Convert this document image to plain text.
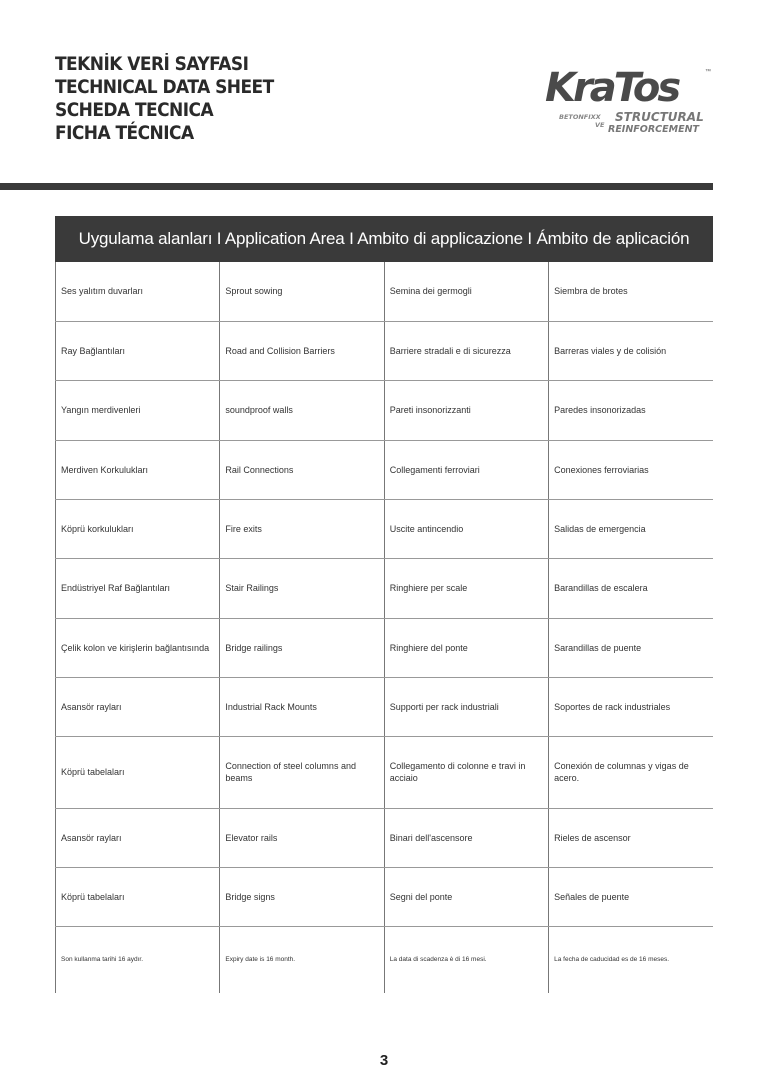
TEKNİK VERİ SAYFASI
TECHNICAL DATA SHEET
SCHEDA TECNICA
FICHA TÉCNICA
KraTos	™
BETONFIXX
VE
STRUCTURAL
REINFORCEMENT
Uygulama alanları I Application Area I Ambito di applicazione I Ámbito de aplicación
Ses yalıtım duvarları	Sprout sowing	Semina dei germogli	Siembra de brotes
Ray Bağlantıları	Road and Collision Barriers	Barriere stradali e di sicurezza	Barreras viales y de colisión
Yangın merdivenleri	soundproof walls	Pareti insonorizzanti	Paredes insonorizadas
Merdiven Korkulukları	Rail Connections	Collegamenti ferroviari	Conexiones ferroviarias
Köprü korkulukları	Fire exits	Uscite antincendio	Salidas de emergencia
Endüstriyel Raf Bağlantıları	Stair Railings	Ringhiere per scale	Barandillas de escalera
Çelik kolon ve kirişlerin bağlantısında	Bridge railings	Ringhiere del ponte	Sarandillas de puente
Asansör rayları	Industrial Rack Mounts	Supporti per rack industriali	Soportes de rack industriales
Köprü tabelaları	Connection of steel columns and beams	Collegamento di colonne e travi in acciaio	Conexión de columnas y vigas de acero.
Asansör rayları	Elevator rails	Binari dell'ascensore	Rieles de ascensor
Köprü tabelaları	Bridge signs	Segni del ponte	Señales de puente
Son kullanma tarihi 16 aydır.	Expiry date is 16 month.	La data di scadenza è di 16 mesi.	La fecha de caducidad es de 16 meses.
3
